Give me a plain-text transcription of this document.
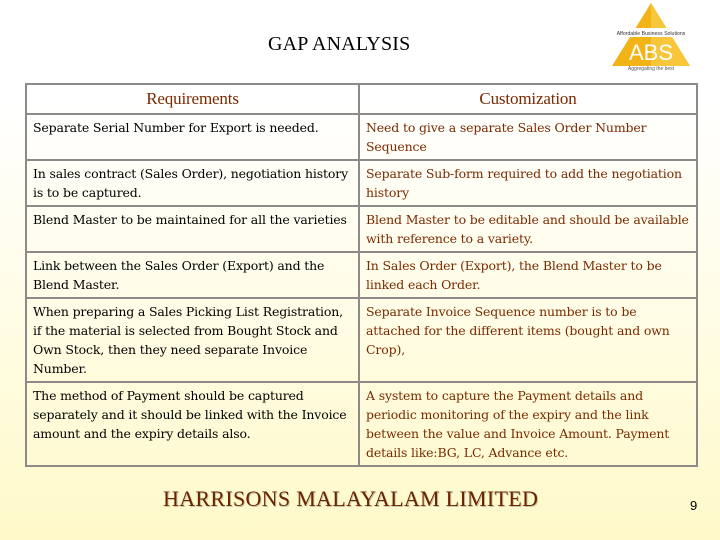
GAP ANALYSIS	Affordable Business Solutions
ABS
Aggregating the best
Requirements	Customization
Separate Serial Number for Export is needed.	Need to give a separate Sales Order Number Sequence
In sales contract (Sales Order), negotiation history is to be captured.	Separate Sub-form required to add the negotiation history
Blend Master to be maintained for all the varieties	Blend Master to be editable and should be available with reference to a variety.
Link between the Sales Order (Export) and the Blend Master.	In Sales Order (Export), the Blend Master to be linked each Order.
When preparing a Sales Picking List Registration, if the material is selected from Bought Stock and Own Stock, then they need separate Invoice Number.	Separate Invoice Sequence number is to be attached for the different items (bought and own Crop),
The method of Payment should be captured separately and it should be linked with the Invoice amount and the expiry details also.	A system to capture the Payment details and periodic monitoring of the expiry and the link between the value and Invoice Amount. Payment details like:BG, LC, Advance etc.
HARRISONS MALAYALAM LIMITED	9
